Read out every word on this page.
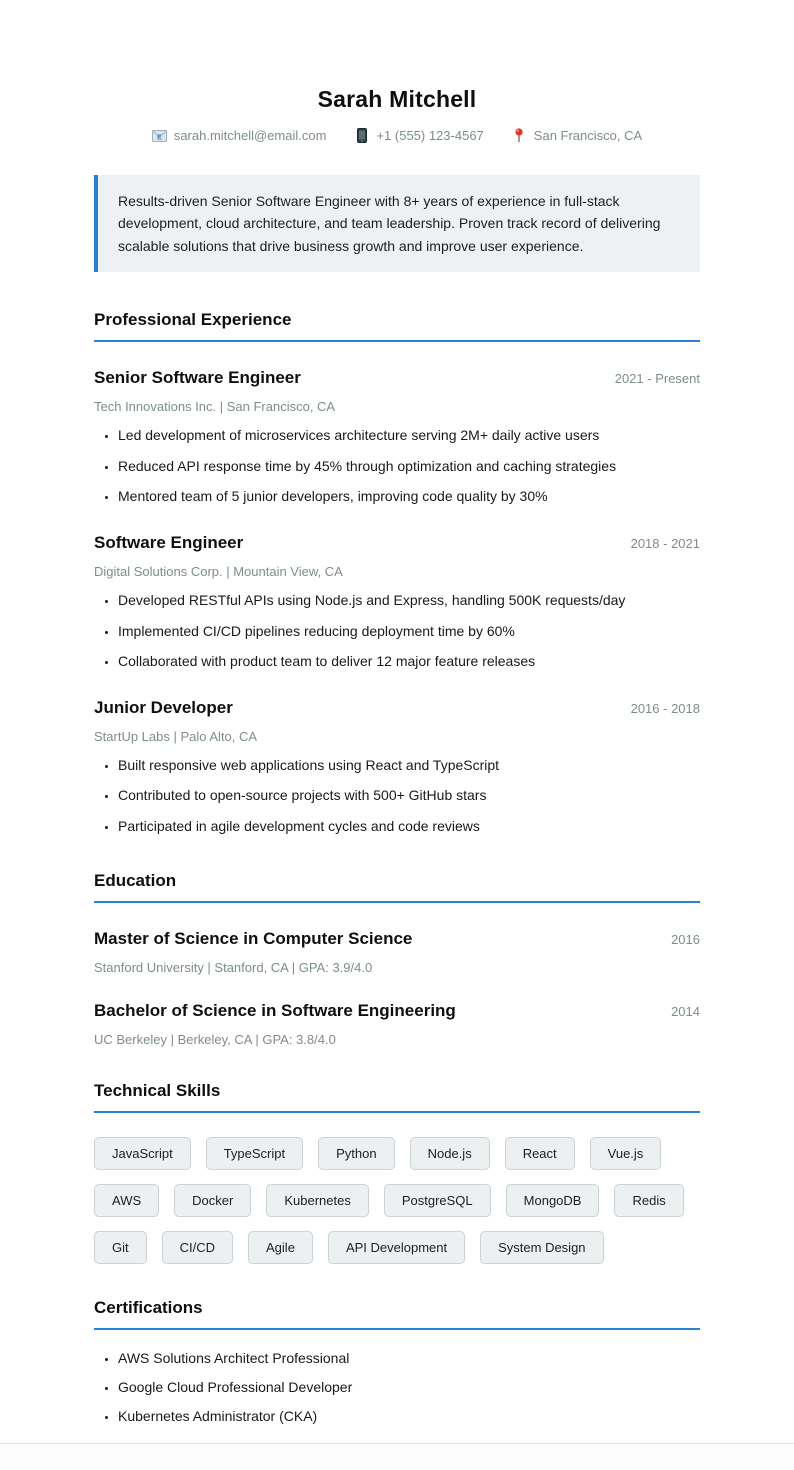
Sarah Mitchell
E sarah.mitchell@email.com	+1 (555) 123-4567	San Francisco, CA

Results-driven Senior Software Engineer with 8+ years of experience in full-stack development, cloud architecture, and team leadership. Proven track record of delivering scalable solutions that drive business growth and improve user experience.

Professional Experience
Senior Software Engineer	2021 - Present

Tech Innovations Inc. | San Francisco, CA

• Led development of microservices architecture serving 2M+ daily active users
• Reduced API response time by 45% through optimization and caching strategies
• Mentored team of 5 junior developers, improving code quality by 30%
Software Engineer	2018 - 2021

Digital Solutions Corp. | Mountain View, CA

• Developed RESTful APIs using Node.js and Express, handling 500K requests/day
• Implemented CI/CD pipelines reducing deployment time by 60%
• Collaborated with product team to deliver 12 major feature releases
Junior Developer	2016 - 2018

StartUp Labs | Palo Alto, CA

• Built responsive web applications using React and TypeScript
• Contributed to open-source projects with 500+ GitHub stars
• Participated in agile development cycles and code reviews
Education
Master of Science in Computer Science	2016

Stanford University | Stanford, CA | GPA: 3.9/4.0

Bachelor of Science in Software Engineering	2014

UC Berkeley | Berkeley, CA | GPA: 3.8/4.0

Technical Skills
JavaScript	TypeScript	Python	Node.js	React	Vue.js
AWS	Docker	Kubernetes	PostgreSQL	MongoDB	Redis
Git	CI/CD	Agile	API Development	System Design
Certifications
• AWS Solutions Architect Professional
• Google Cloud Professional Developer
• Kubernetes Administrator (CKA)
